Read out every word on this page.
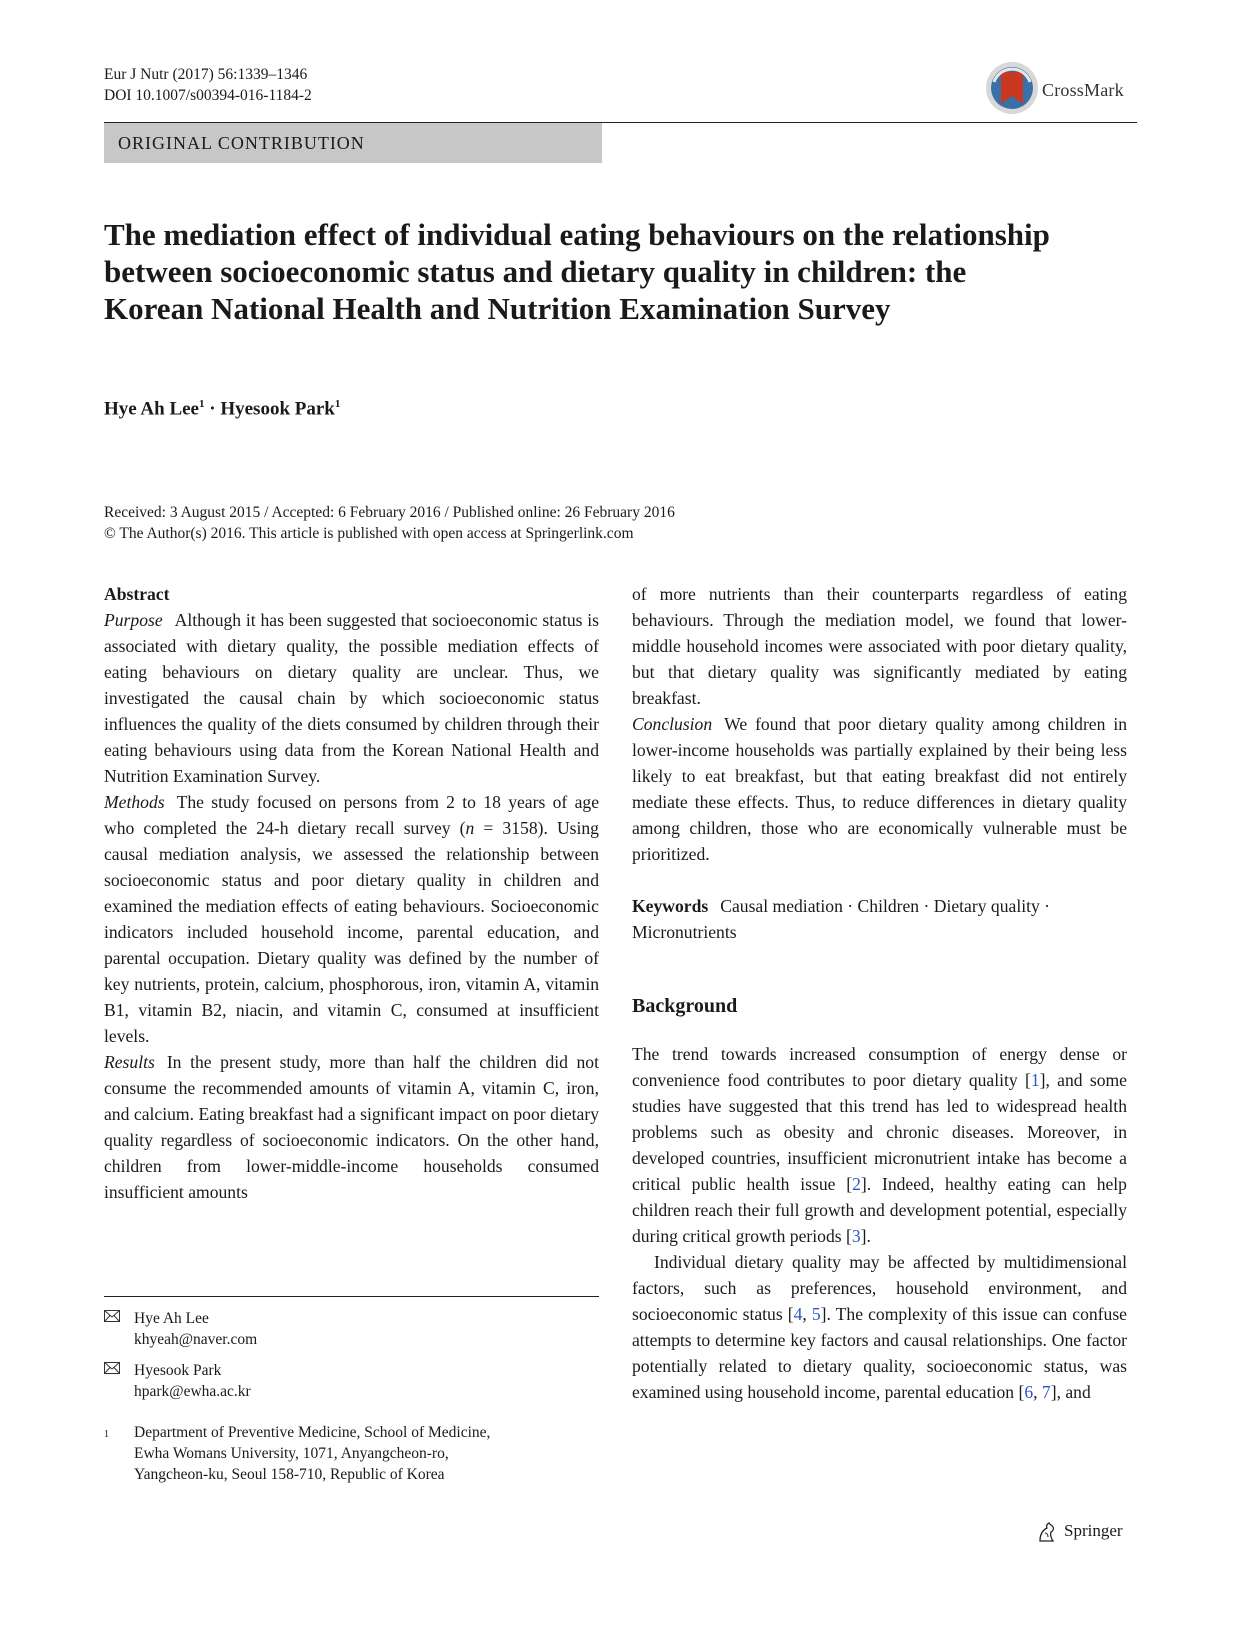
Eur J Nutr (2017) 56:1339–1346
DOI 10.1007/s00394-016-1184-2	CrossMark
ORIGINAL CONTRIBUTION
The mediation effect of individual eating behaviours on the relationship between socioeconomic status and dietary quality in children: the Korean National Health and Nutrition Examination Survey
Hye Ah Lee$^1$ · Hyesook Park$^1$
Received: 3 August 2015 / Accepted: 6 February 2016 / Published online: 26 February 2016
© The Author(s) 2016. This article is published with open access at Springerlink.com

Abstract

Purpose Although it has been suggested that socioeconomic status is associated with dietary quality, the possible mediation effects of eating behaviours on dietary quality are unclear. Thus, we investigated the causal chain by which socioeconomic status influences the quality of the diets consumed by children through their eating behaviours using data from the Korean National Health and Nutrition Examination Survey.

Methods The study focused on persons from 2 to 18 years of age who completed the 24-h dietary recall survey (n = 3158). Using causal mediation analysis, we assessed the relationship between socioeconomic status and poor dietary quality in children and examined the mediation effects of eating behaviours. Socioeconomic indicators included household income, parental education, and parental occupation. Dietary quality was defined by the number of key nutrients, protein, calcium, phosphorous, iron, vitamin A, vitamin B1, vitamin B2, niacin, and vitamin C, consumed at insufficient levels.

Results In the present study, more than half the children did not consume the recommended amounts of vitamin A, vitamin C, iron, and calcium. Eating breakfast had a significant impact on poor dietary quality regardless of socioeconomic indicators. On the other hand, children from lower-middle-income households consumed insufficient amounts

of more nutrients than their counterparts regardless of eating behaviours. Through the mediation model, we found that lower-middle household incomes were associated with poor dietary quality, but that dietary quality was significantly mediated by eating breakfast.

Conclusion We found that poor dietary quality among children in lower-income households was partially explained by their being less likely to eat breakfast, but that eating breakfast did not entirely mediate these effects. Thus, to reduce differences in dietary quality among children, those who are economically vulnerable must be prioritized.

Keywords Causal mediation · Children · Dietary quality · Micronutrients

Background

The trend towards increased consumption of energy dense or convenience food contributes to poor dietary quality [1], and some studies have suggested that this trend has led to widespread health problems such as obesity and chronic diseases. Moreover, in developed countries, insufficient micronutrient intake has become a critical public health issue [2]. Indeed, healthy eating can help children reach their full growth and development potential, especially during critical growth periods [3].

Individual dietary quality may be affected by multidimensional factors, such as preferences, household environment, and socioeconomic status [4, 5]. The complexity of this issue can confuse attempts to determine key factors and causal relationships. One factor potentially related to dietary quality, socioeconomic status, was examined using household income, parental education [6, 7], and

Hye Ah Lee
khyeah@naver.com
Hyesook Park
hpark@ewha.ac.kr
$^1$ Department of Preventive Medicine, School of Medicine,
Ewha Womans University, 1071, Anyangcheon-ro,
Yangcheon-ku, Seoul 158-710, Republic of Korea
Springer
